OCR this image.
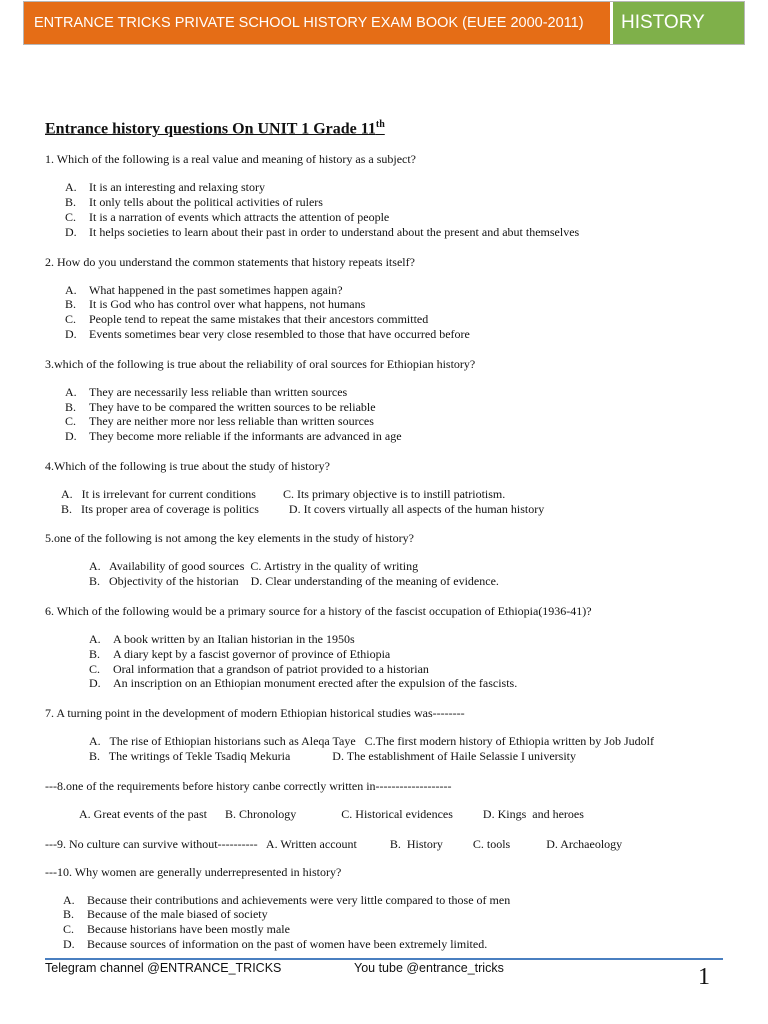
ENTRANCE TRICKS PRIVATE SCHOOL HISTORY EXAM BOOK (EUEE 2000-2011)	HISTORY
Entrance history questions On UNIT 1 Grade 11th
1. Which of the following is a real value and meaning of history as a subject?
A.	It is an interesting and relaxing story
B.	It only tells about the political activities of rulers
C.	It is a narration of events which attracts the attention of people
D.	It helps societies to learn about their past in order to understand about the present and abut themselves
2. How do you understand the common statements that history repeats itself?
A.	What happened in the past sometimes happen again?
B.	It is God who has control over what happens, not humans
C.	People tend to repeat the same mistakes that their ancestors committed
D.	Events sometimes bear very close resembled to those that have occurred before
3.which of the following is true about the reliability of oral sources for Ethiopian history?
A.	They are necessarily less reliable than written sources
B.	They have to be compared the written sources to be reliable
C.	They are neither more nor less reliable than written sources
D.	They become more reliable if the informants are advanced in age
4.Which of the following is true about the study of history?
A.   It is irrelevant for current conditions         C. Its primary objective is to instill patriotism.
B.   Its proper area of coverage is politics          D. It covers virtually all aspects of the human history
5.one of the following is not among the key elements in the study of history?
A.   Availability of good sources  C. Artistry in the quality of writing
B.   Objectivity of the historian    D. Clear understanding of the meaning of evidence.
6. Which of the following would be a primary source for a history of the fascist occupation of Ethiopia(1936-41)?
A.	A book written by an Italian historian in the 1950s
B.	A diary kept by a fascist governor of province of Ethiopia
C.	Oral information that a grandson of patriot provided to a historian
D.	An inscription on an Ethiopian monument erected after the expulsion of the fascists.
7. A turning point in the development of modern Ethiopian historical studies was--------
A.   The rise of Ethiopian historians such as Aleqa Taye   C.The first modern history of Ethiopia written by Job Judolf
B.   The writings of Tekle Tsadiq Mekuria              D. The establishment of Haile Selassie I university
---8.one of the requirements before history canbe correctly written in-------------------
A. Great events of the past      B. Chronology               C. Historical evidences          D. Kings  and heroes
---9. No culture can survive without----------   A. Written account           B.  History          C. tools            D. Archaeology
---10. Why women are generally underrepresented in history?
A.	Because their contributions and achievements were very little compared to those of men
B.	Because of the male biased of society
C.	Because historians have been mostly male
D.	Because sources of information on the past of women have been extremely limited.
Telegram channel @ENTRANCE_TRICKS	You tube @entrance_tricks	1
